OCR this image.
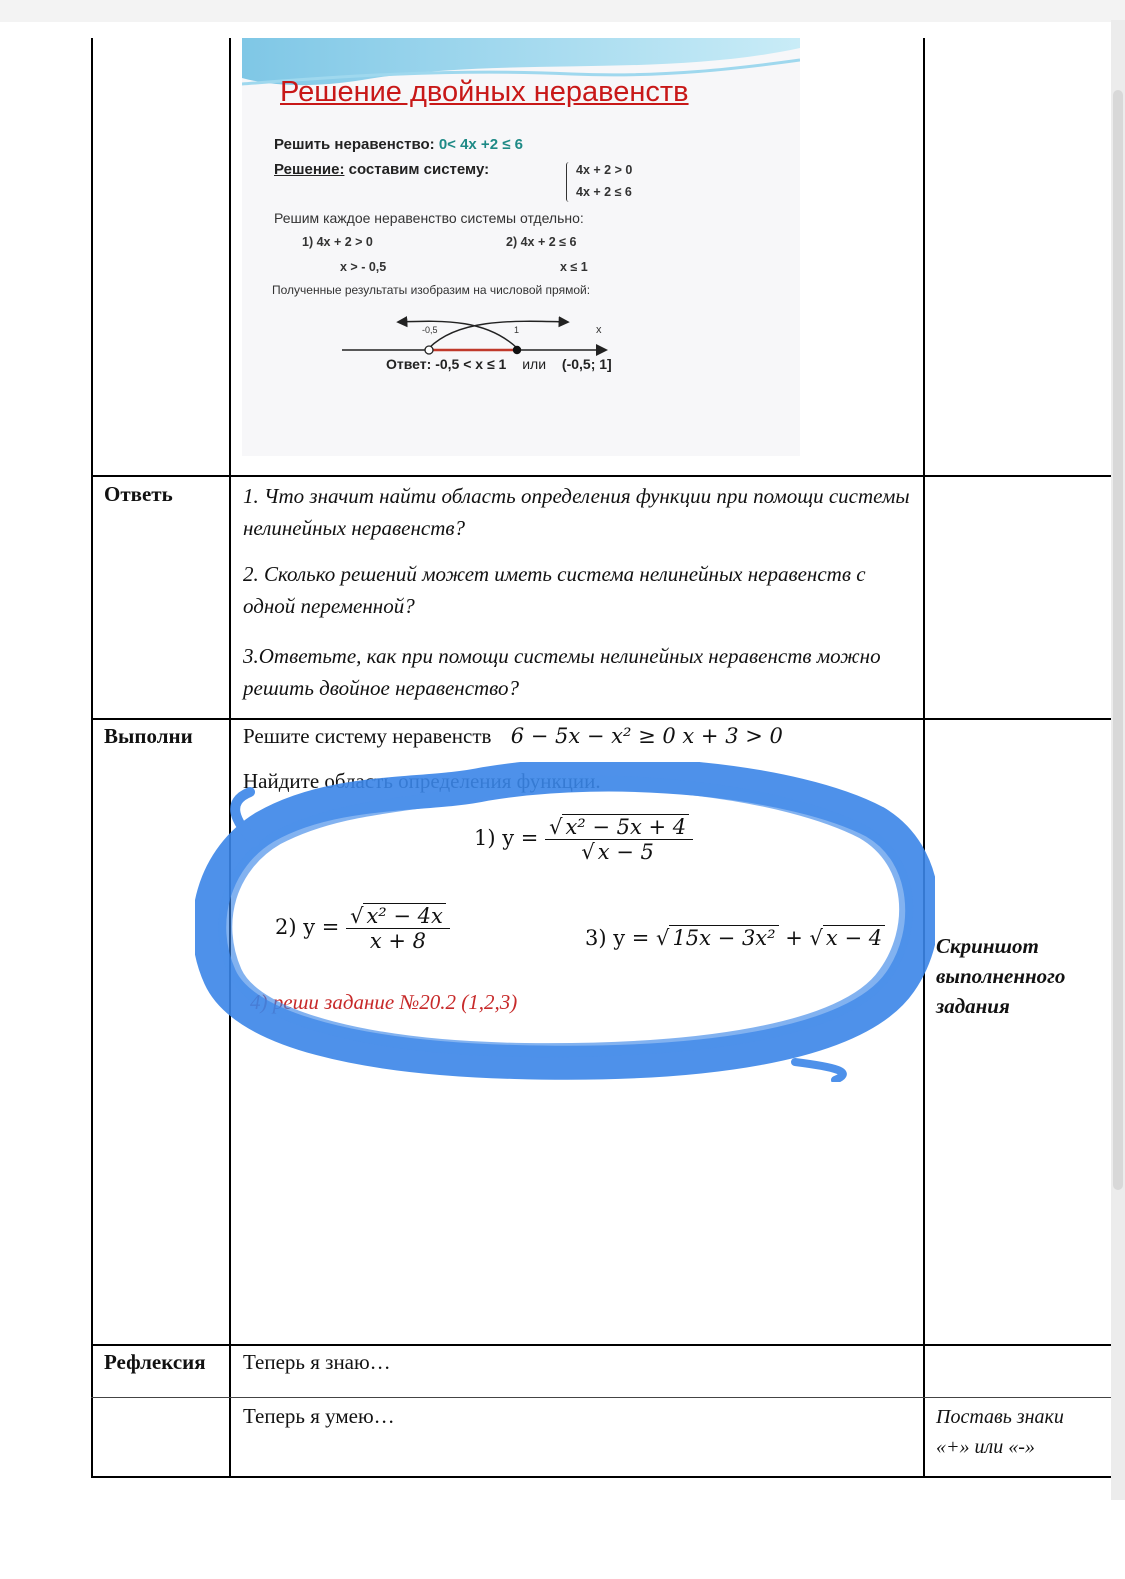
Решение двойных неравенств
Решить неравенство: 0< 4x +2 ≤ 6
Решение: составим систему:	4x + 2 > 0
4x + 2 ≤ 6
Решим каждое неравенство системы отдельно:
1) 4x + 2 > 0	2) 4x + 2 ≤ 6
x > - 0,5	x ≤ 1
Полученные результаты изобразим на числовой прямой:
-0,5	1	x
Ответ: -0,5 < x ≤ 1 или (-0,5; 1]
Ответь	1. Что значит найти область определения функции при помощи системы нелинейных неравенств?
2. Сколько решений может иметь система нелинейных неравенств с одной переменной?
3.Ответьте, как при помощи системы нелинейных неравенств можно решить двойное неравенство?
Выполни Решите систему неравенств 6 − 5x − x² ≥ 0 x + 3 > 0
Найдите область определения функции.
1) $y = \frac{\text{√ x² − 5x + 4}}{√ x - 5}$
2) $y = \frac{\text{√ x² − 4x}}{x + 8}$	3) y = √ 15x − 3x² + √ x − 4
4) реши задание №20.2 (1,2,3)
Скриншот
выполненного
задания
Рефлексия Теперь я знаю…
Теперь я умею…	Поставь знаки
«+» или «-»
